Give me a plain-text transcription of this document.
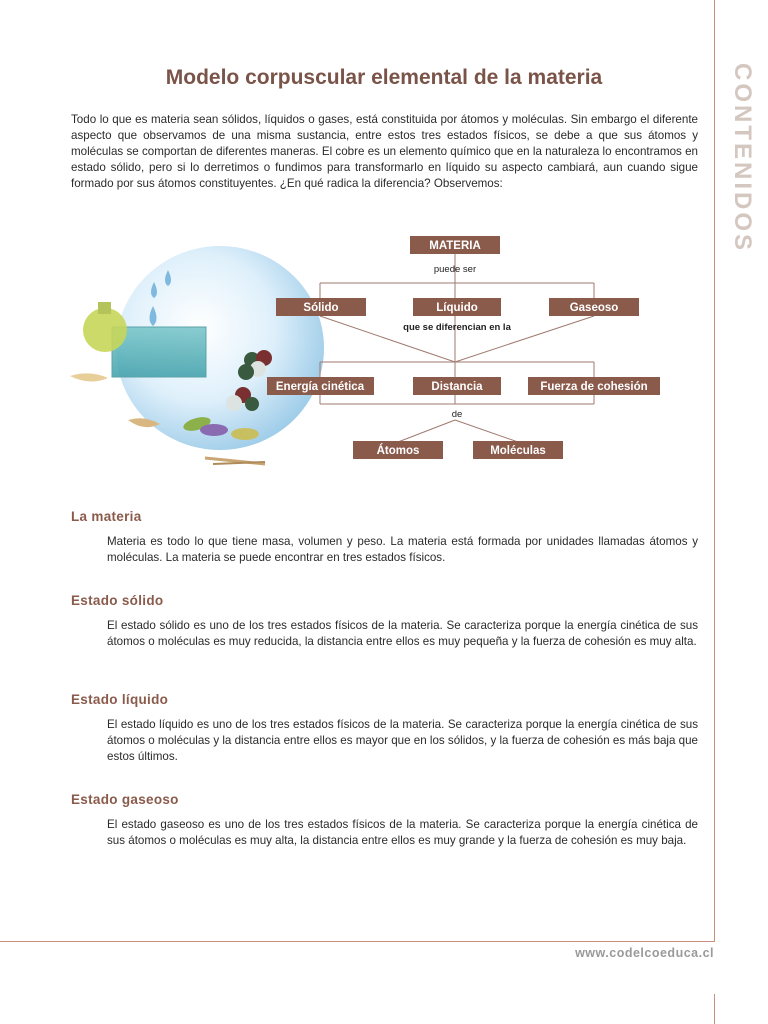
CONTENIDOS
Modelo corpuscular elemental de la materia

Todo lo que es materia sean sólidos, líquidos o gases, está constituida por átomos y moléculas. Sin embargo el diferente aspecto que observamos de una misma sustancia, entre estos tres estados físicos, se debe a que sus átomos y moléculas se comportan de diferentes maneras. El cobre es un elemento químico que en la naturaleza lo encontramos en estado sólido, pero si lo derretimos o fundimos para transformarlo en líquido su aspecto cambiará, aun cuando sigue formado por sus átomos constituyentes. ¿En qué radica la diferencia? Observemos:

MATERIA
puede ser
Sólido	Líquido	Gaseoso
que se diferencian en la
Energía cinética	Distancia	Fuerza de cohesión
de
Átomos	Moléculas
La materia

Materia es todo lo que tiene masa, volumen y peso. La materia está formada por unidades llamadas átomos y moléculas. La materia se puede encontrar en tres estados físicos.

Estado sólido

El estado sólido es uno de los tres estados físicos de la materia. Se caracteriza porque la energía cinética de sus átomos o moléculas es muy reducida, la distancia entre ellos es muy pequeña y la fuerza de cohesión es muy alta.

Estado líquido

El estado líquido es uno de los tres estados físicos de la materia. Se caracteriza porque la energía cinética de sus átomos o moléculas y la distancia entre ellos es mayor que en los sólidos, y la fuerza de cohesión es más baja que estos últimos.

Estado gaseoso

El estado gaseoso es uno de los tres estados físicos de la materia. Se caracteriza porque la energía cinética de sus átomos o moléculas es muy alta, la distancia entre ellos es muy grande y la fuerza de cohesión es muy baja.

www.codelcoeduca.cl
